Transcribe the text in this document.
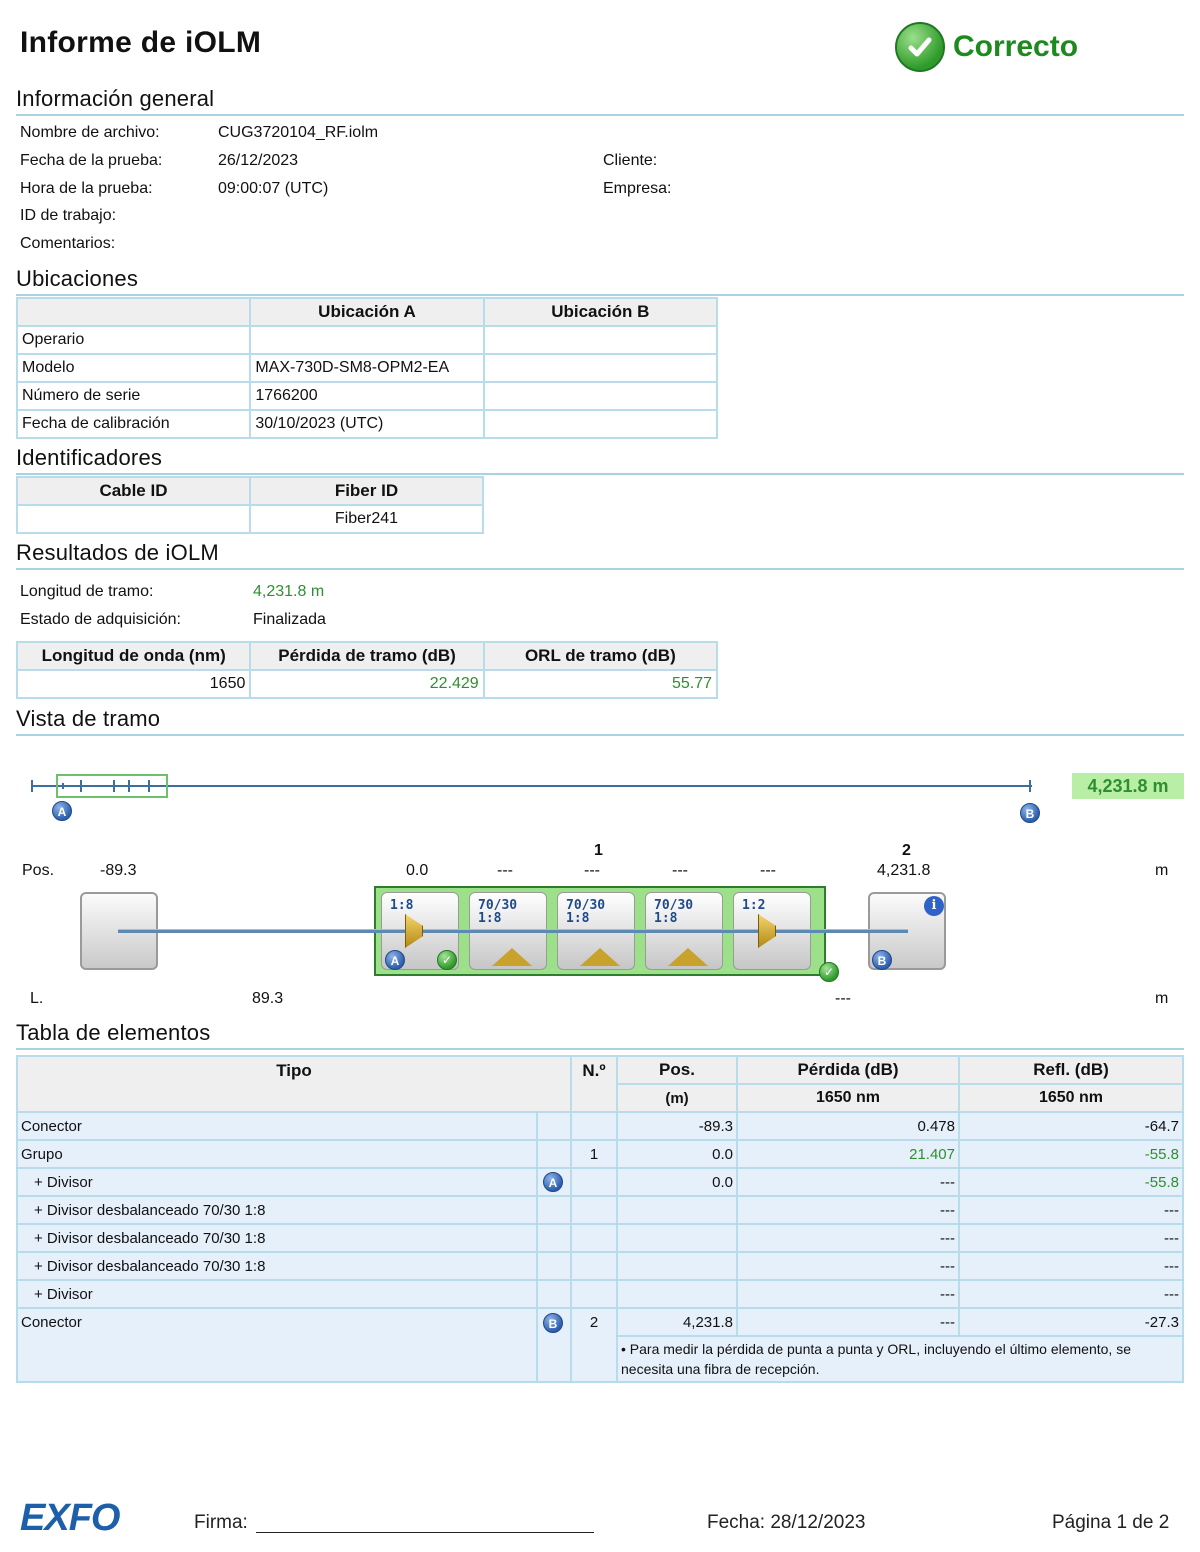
Informe de iOLM	Correcto
Información general
Nombre de archivo:	CUG3720104_RF.iolm
Fecha de la prueba:	26/12/2023
Hora de la prueba:	09:00:07 (UTC)
ID de trabajo:
Comentarios:
Cliente:
Empresa:
Ubicaciones
	Ubicación A	Ubicación B
Operario		
Modelo	MAX-730D-SM8-OPM2-EA	
Número de serie	1766200	
Fecha de calibración	30/10/2023 (UTC)	
Identificadores
Cable ID	Fiber ID
	Fiber241
Resultados de iOLM
Longitud de tramo:	4,231.8 m
Estado de adquisición:	Finalizada
Longitud de onda (nm)	Pérdida de tramo (dB)	ORL de tramo (dB)
1650	22.429	55.77
Vista de tramo
4,231.8 m
A	B
1	2
Pos.	-89.3	0.0	---	---	---	---	4,231.8	m
1:8	70/30
1:8
70/30
1:8
70/30
1:8
1:2

A	✓
✓
B
i
L.	89.3	---	m
Tabla de elementos
Tipo		N.º	Pos.	Pérdida (dB)	Refl. (dB)
			(m)	1650 nm	1650 nm
Conector			-89.3	0.478	-64.7
Grupo		1	0.0	21.407	-55.8
+ Divisor	A		0.0	---	-55.8
+ Divisor desbalanceado 70/30 1:8				---	---
+ Divisor desbalanceado 70/30 1:8				---	---
+ Divisor desbalanceado 70/30 1:8				---	---
+ Divisor				---	---
Conector	B	2	4,231.8	---	-27.3
			• Para medir la pérdida de punta a punta y ORL, incluyendo el último elemento, se necesita una fibra de recepción.		
EXFO	Firma:	Fecha: 28/12/2023	Página 1 de 2
